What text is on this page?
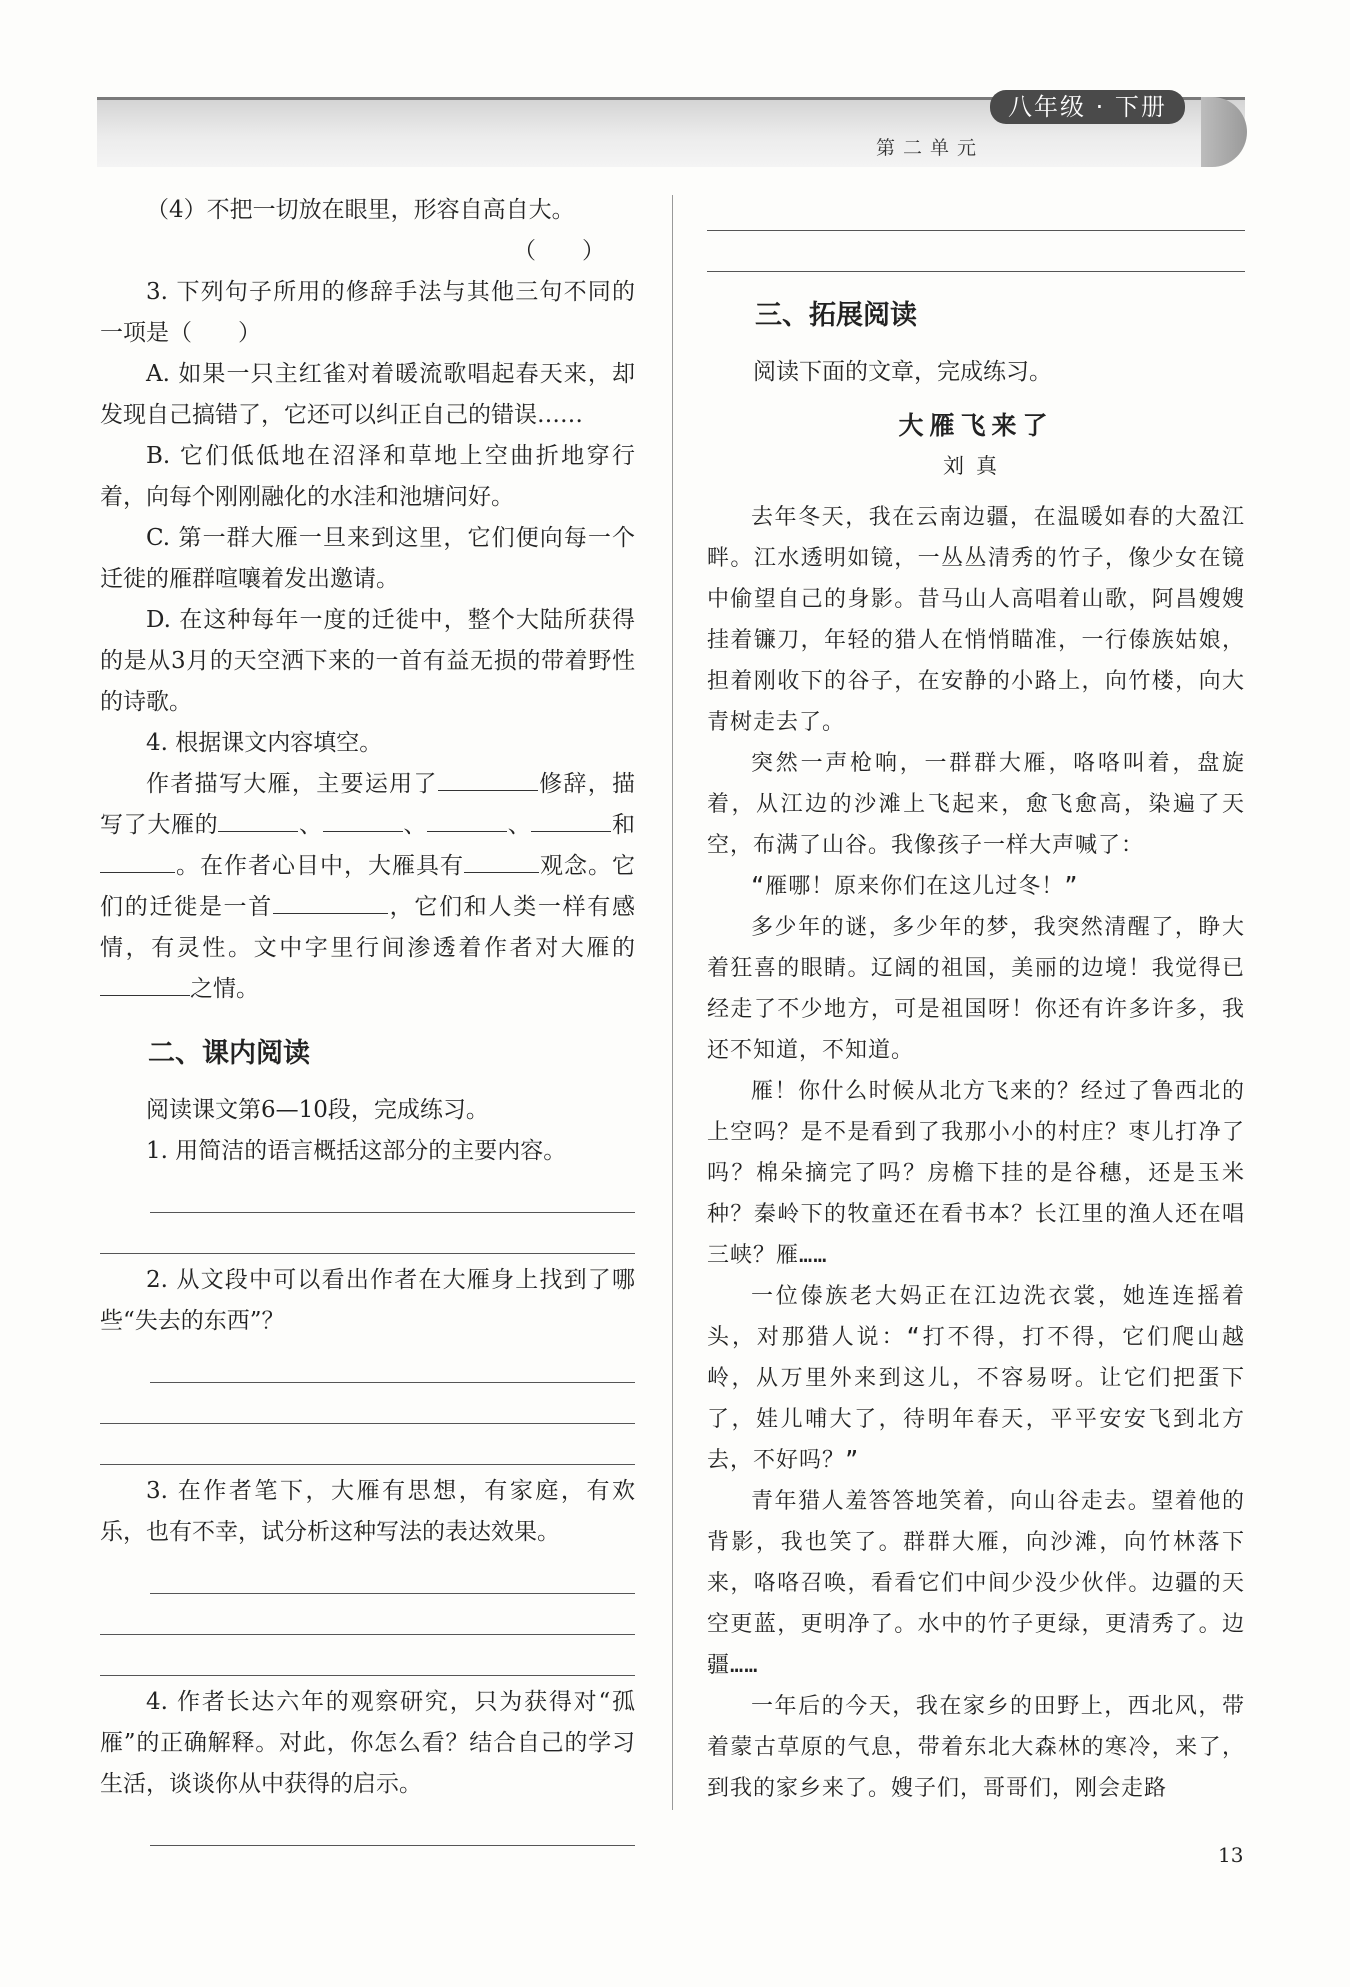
八年级 · 下册
第二单元

（4）不把一切放在眼里，形容自高自大。

（　　）

3. 下列句子所用的修辞手法与其他三句不同的一项是（　　）

A. 如果一只主红雀对着暖流歌唱起春天来，却发现自己搞错了，它还可以纠正自己的错误……

B. 它们低低地在沼泽和草地上空曲折地穿行着，向每个刚刚融化的水洼和池塘问好。

C. 第一群大雁一旦来到这里，它们便向每一个迁徙的雁群喧嚷着发出邀请。

D. 在这种每年一度的迁徙中，整个大陆所获得的是从3月的天空洒下来的一首有益无损的带着野性的诗歌。

4. 根据课文内容填空。

作者描写大雁，主要运用了	修辞，描写了大雁的	、	、	、	和。在作者心目中，大雁具有	观念。它们的迁徙是一首	，它们和人类一样有感情，有灵性。文中字里行间渗透着作者对大雁的之情。

二、课内阅读

阅读课文第6—10段，完成练习。

1. 用简洁的语言概括这部分的主要内容。

2. 从文段中可以看出作者在大雁身上找到了哪些“失去的东西”？

3. 在作者笔下，大雁有思想，有家庭，有欢乐，也有不幸，试分析这种写法的表达效果。

4. 作者长达六年的观察研究，只为获得对“孤雁”的正确解释。对此，你怎么看？结合自己的学习生活，谈谈你从中获得的启示。

三、拓展阅读

阅读下面的文章，完成练习。

大雁飞来了
刘真

去年冬天，我在云南边疆，在温暖如春的大盈江畔。江水透明如镜，一丛丛清秀的竹子，像少女在镜中偷望自己的身影。昔马山人高唱着山歌，阿昌嫂嫂挂着镰刀，年轻的猎人在悄悄瞄准，一行傣族姑娘，担着刚收下的谷子，在安静的小路上，向竹楼，向大青树走去了。

突然一声枪响，一群群大雁，咯咯叫着，盘旋着，从江边的沙滩上飞起来，愈飞愈高，染遍了天空，布满了山谷。我像孩子一样大声喊了：

“雁哪！原来你们在这儿过冬！”

多少年的谜，多少年的梦，我突然清醒了，睁大着狂喜的眼睛。辽阔的祖国，美丽的边境！我觉得已经走了不少地方，可是祖国呀！你还有许多许多，我还不知道，不知道。

雁！你什么时候从北方飞来的？经过了鲁西北的上空吗？是不是看到了我那小小的村庄？枣儿打净了吗？棉朵摘完了吗？房檐下挂的是谷穗，还是玉米种？秦岭下的牧童还在看书本？长江里的渔人还在唱三峡？雁……

一位傣族老大妈正在江边洗衣裳，她连连摇着头，对那猎人说：“打不得，打不得，它们爬山越岭，从万里外来到这儿，不容易呀。让它们把蛋下了，娃儿哺大了，待明年春天，平平安安飞到北方去，不好吗？”

青年猎人羞答答地笑着，向山谷走去。望着他的背影，我也笑了。群群大雁，向沙滩，向竹林落下来，咯咯召唤，看看它们中间少没少伙伴。边疆的天空更蓝，更明净了。水中的竹子更绿，更清秀了。边疆……

一年后的今天，我在家乡的田野上，西北风，带着蒙古草原的气息，带着东北大森林的寒冷，来了，到我的家乡来了。嫂子们，哥哥们，刚会走路

13
